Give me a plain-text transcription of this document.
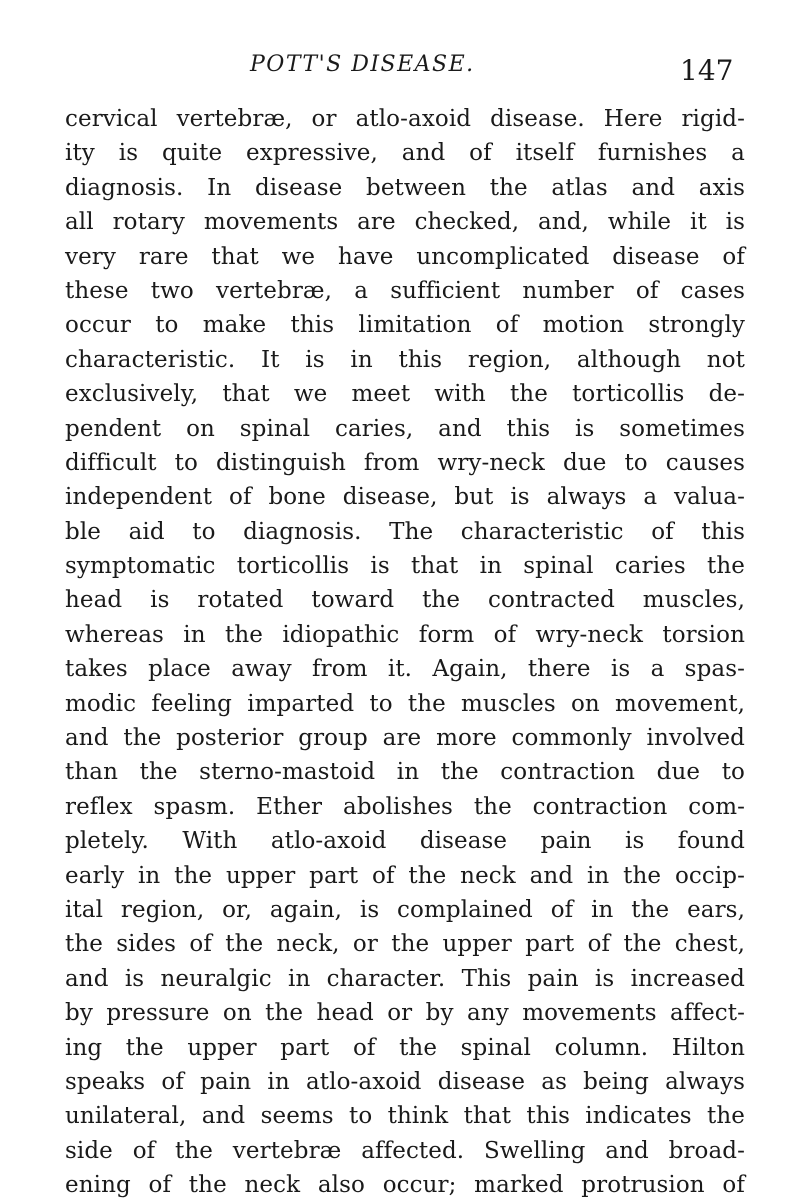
POTT'S DISEASE.	147
cervical vertebræ, or atlo-axoid disease. Here rigid-
ity is quite expressive, and of itself furnishes a
diagnosis. In disease between the atlas and axis
all rotary movements are checked, and, while it is
very rare that we have uncomplicated disease of
these two vertebræ, a sufficient number of cases
occur to make this limitation of motion strongly
characteristic. It is in this region, although not
exclusively, that we meet with the torticollis de-
pendent on spinal caries, and this is sometimes
difficult to distinguish from wry-neck due to causes
independent of bone disease, but is always a valua-
ble aid to diagnosis. The characteristic of this
symptomatic torticollis is that in spinal caries the
head is rotated toward the contracted muscles,
whereas in the idiopathic form of wry-neck torsion
takes place away from it. Again, there is a spas-
modic feeling imparted to the muscles on movement,
and the posterior group are more commonly involved
than the sterno-mastoid in the contraction due to
reflex spasm. Ether abolishes the contraction com-
pletely. With atlo-axoid disease pain is found
early in the upper part of the neck and in the occip-
ital region, or, again, is complained of in the ears,
the sides of the neck, or the upper part of the chest,
and is neuralgic in character. This pain is increased
by pressure on the head or by any movements affect-
ing the upper part of the spinal column. Hilton
speaks of pain in atlo-axoid disease as being always
unilateral, and seems to think that this indicates the
side of the vertebræ affected. Swelling and broad-
ening of the neck also occur; marked protrusion of
